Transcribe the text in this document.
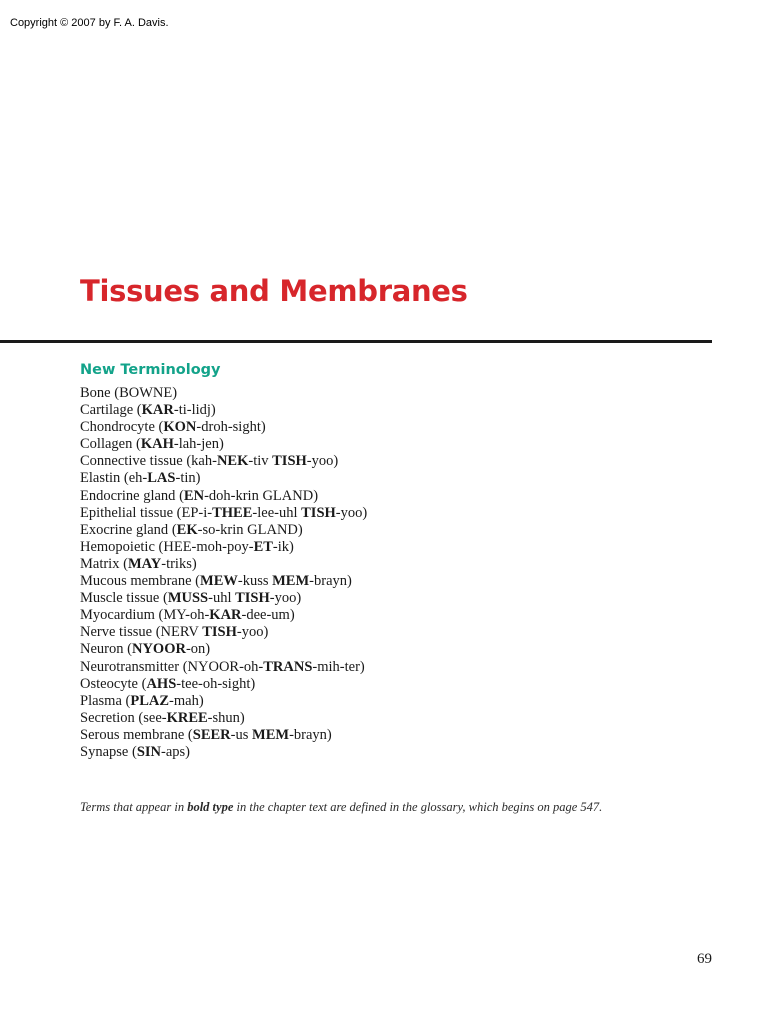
Copyright © 2007 by F. A. Davis.
Tissues and Membranes
New Terminology
Bone (BOWNE)
Cartilage (KAR-ti-lidj)
Chondrocyte (KON-droh-sight)
Collagen (KAH-lah-jen)
Connective tissue (kah-NEK-tiv TISH-yoo)
Elastin (eh-LAS-tin)
Endocrine gland (EN-doh-krin GLAND)
Epithelial tissue (EP-i-THEE-lee-uhl TISH-yoo)
Exocrine gland (EK-so-krin GLAND)
Hemopoietic (HEE-moh-poy-ET-ik)
Matrix (MAY-triks)
Mucous membrane (MEW-kuss MEM-brayn)
Muscle tissue (MUSS-uhl TISH-yoo)
Myocardium (MY-oh-KAR-dee-um)
Nerve tissue (NERV TISH-yoo)
Neuron (NYOOR-on)
Neurotransmitter (NYOOR-oh-TRANS-mih-ter)
Osteocyte (AHS-tee-oh-sight)
Plasma (PLAZ-mah)
Secretion (see-KREE-shun)
Serous membrane (SEER-us MEM-brayn)
Synapse (SIN-aps)

Terms that appear in bold type in the chapter text are defined in the glossary, which begins on page 547.

69
